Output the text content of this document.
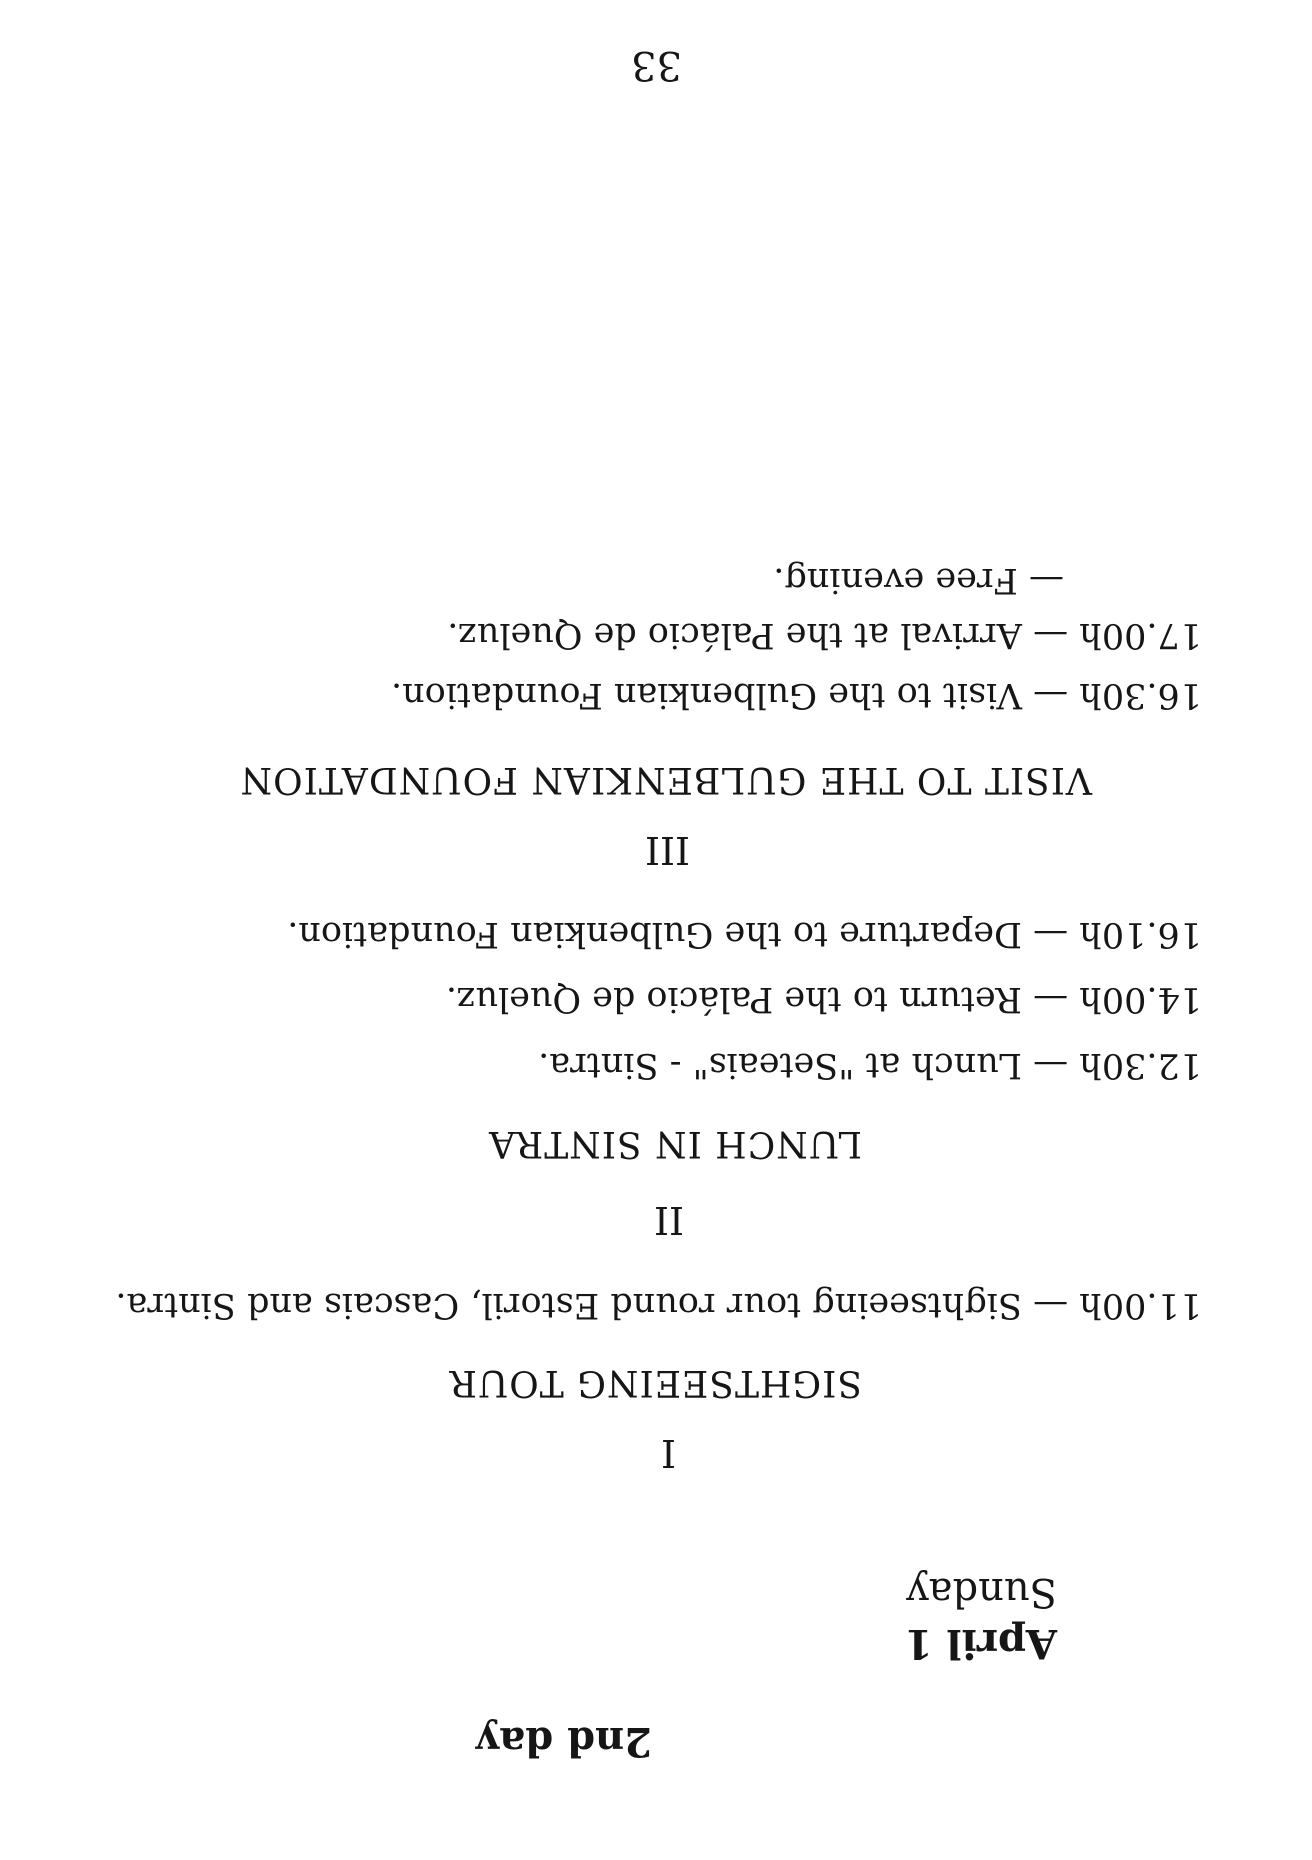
2nd day
April 1
Sunday
I
SIGHTSEEING TOUR
11.00h — Sightseeing tour round Estoril, Cascais and Sintra.
II
LUNCH IN SINTRA
12.30h — Lunch at "Seteais" - Sintra.
14.00h — Return to the Palácio de Queluz.
16.10h — Departure to the Gulbenkian Foundation.
III
VISIT TO THE GULBENKIAN FOUNDATION
16.30h — Visit to the Gulbenkian Foundation.
17.00h — Arrival at the Palácio de Queluz.
— Free evening.
33
